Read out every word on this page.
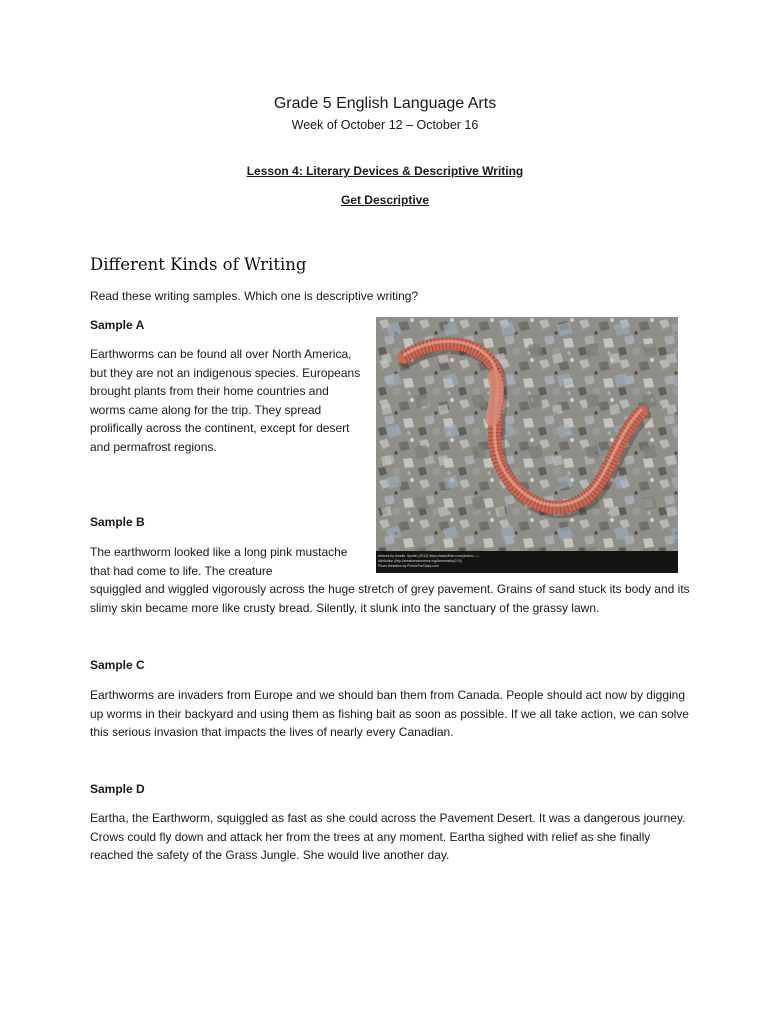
Grade 5 English Language Arts
Week of October 12 – October 16
Lesson 4: Literary Devices & Descriptive Writing
Get Descriptive
Different Kinds of Writing
Read these writing samples. Which one is descriptive writing?
Sample A

Earthworms can be found all over North America, but they are not an indigenous species. Europeans brought plants from their home countries and worms came along for the trip. They spread prolifically across the continent, except for desert and permafrost regions.

Artwork by Amelie. Spoiler (2012) https://www.flickr.com/photos/.../...
Attribution (http://creativecommons.org/licenses/by/2.0/)
Photo Websites by PhotosForClass.com
Sample B

The earthworm looked like a long pink mustache that had come to life. The creature

squiggled and wiggled vigorously across the huge stretch of grey pavement. Grains of sand stuck its body and its slimy skin became more like crusty bread. Silently, it slunk into the sanctuary of the grassy lawn.

Sample C

Earthworms are invaders from Europe and we should ban them from Canada. People should act now by digging up worms in their backyard and using them as fishing bait as soon as possible. If we all take action, we can solve this serious invasion that impacts the lives of nearly every Canadian.

Sample D

Eartha, the Earthworm, squiggled as fast as she could across the Pavement Desert. It was a dangerous journey. Crows could fly down and attack her from the trees at any moment. Eartha sighed with relief as she finally reached the safety of the Grass Jungle. She would live another day.
